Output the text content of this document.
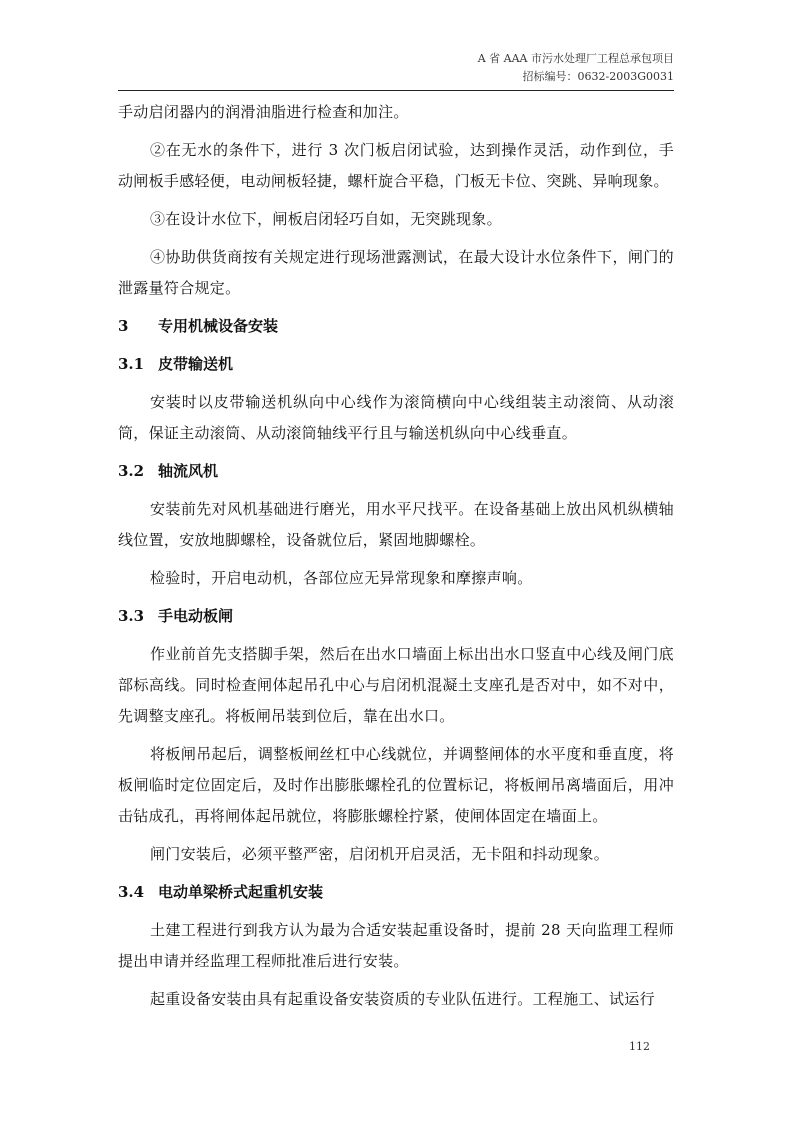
A 省 AAA 市污水处理厂工程总承包项目
招标编号：0632-2003G0031

手动启闭器内的润滑油脂进行检查和加注。

②在无水的条件下，进行 3 次门板启闭试验，达到操作灵活，动作到位，手动闸板手感轻便，电动闸板轻捷，螺杆旋合平稳，门板无卡位、突跳、异响现象。

③在设计水位下，闸板启闭轻巧自如，无突跳现象。

④协助供货商按有关规定进行现场泄露测试，在最大设计水位条件下，闸门的泄露量符合规定。

3 专用机械设备安装
3.1 皮带输送机

安装时以皮带输送机纵向中心线作为滚筒横向中心线组装主动滚筒、从动滚筒，保证主动滚筒、从动滚筒轴线平行且与输送机纵向中心线垂直。

3.2 轴流风机

安装前先对风机基础进行磨光，用水平尺找平。在设备基础上放出风机纵横轴线位置，安放地脚螺栓，设备就位后，紧固地脚螺栓。

检验时，开启电动机，各部位应无异常现象和摩擦声响。

3.3 手电动板闸

作业前首先支搭脚手架，然后在出水口墙面上标出出水口竖直中心线及闸门底部标高线。同时检查闸体起吊孔中心与启闭机混凝土支座孔是否对中，如不对中，先调整支座孔。将板闸吊装到位后，靠在出水口。

将板闸吊起后，调整板闸丝杠中心线就位，并调整闸体的水平度和垂直度，将板闸临时定位固定后，及时作出膨胀螺栓孔的位置标记，将板闸吊离墙面后，用冲击钻成孔，再将闸体起吊就位，将膨胀螺栓拧紧，使闸体固定在墙面上。

闸门安装后，必须平整严密，启闭机开启灵活，无卡阻和抖动现象。

3.4 电动单梁桥式起重机安装

土建工程进行到我方认为最为合适安装起重设备时，提前 28 天向监理工程师提出申请并经监理工程师批准后进行安装。

起重设备安装由具有起重设备安装资质的专业队伍进行。工程施工、试运行

112
